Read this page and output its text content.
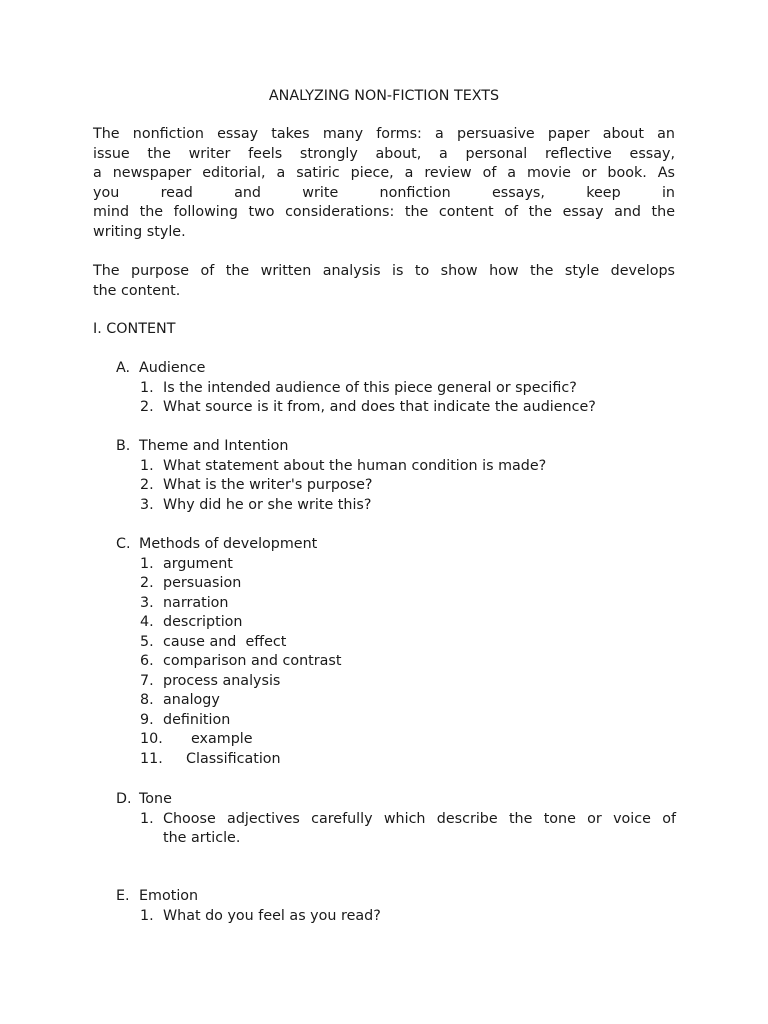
ANALYZING NON-FICTION TEXTS
The nonfiction essay takes many forms: a persuasive paper about an
issue the writer feels strongly about, a personal reflective essay,
a newspaper editorial, a satiric piece, a review of a movie or book. As
you read and write nonfiction essays, keep in
mind the following two considerations: the content of the essay and the
writing style.
The purpose of the written analysis is to show how the style develops
the content.
I. CONTENT
A. Audience
1. Is the intended audience of this piece general or specific?
2. What source is it from, and does that indicate the audience?
B. Theme and Intention
1. What statement about the human condition is made?
2. What is the writer's purpose?
3. Why did he or she write this?
C. Methods of development
1. argument
2. persuasion
3. narration
4. description
5. cause and  effect
6. comparison and contrast
7. process analysis
8. analogy
9. definition
10.	example
11.	Classification
D. Tone
1. Choose adjectives carefully which describe the tone or voice of
the article.
E. Emotion
1. What do you feel as you read?
